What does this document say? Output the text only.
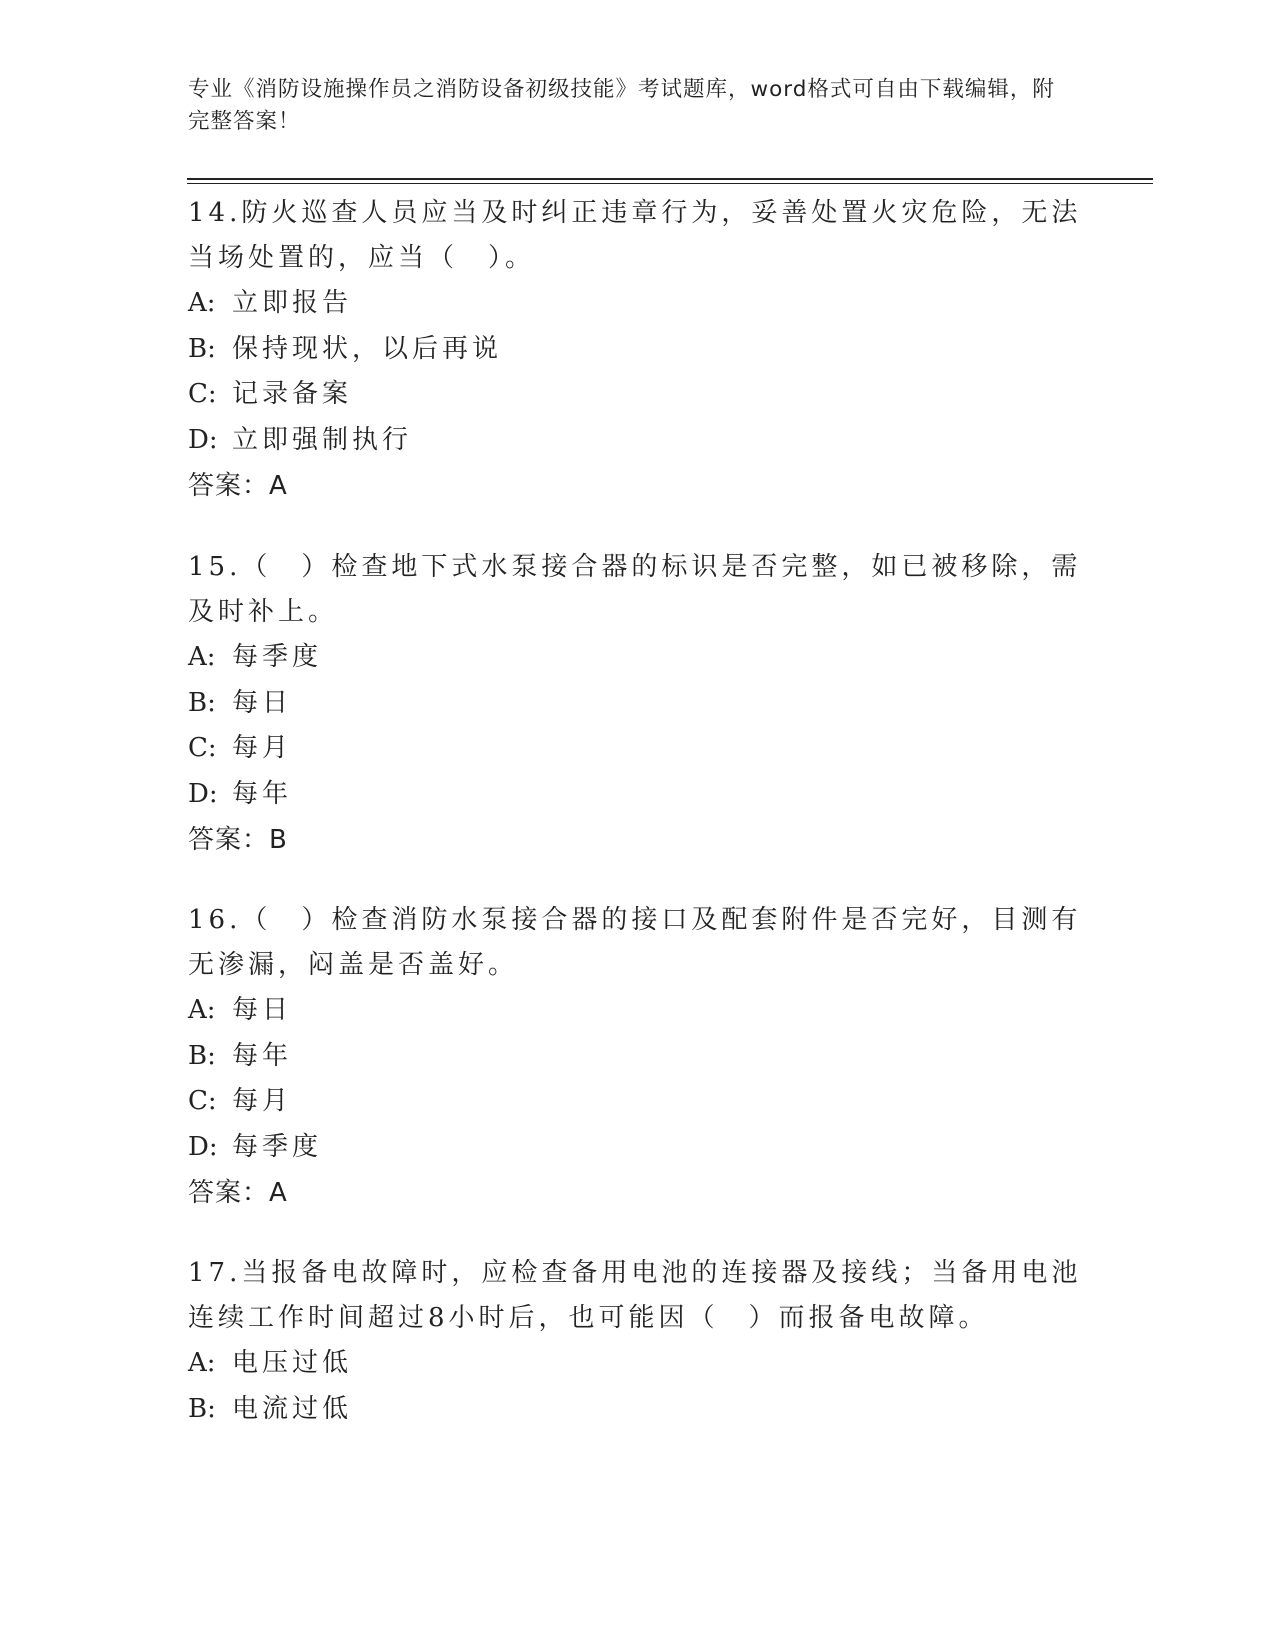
专业《消防设施操作员之消防设备初级技能》考试题库，word格式可自由下载编辑，附完整答案！

14.防火巡查人员应当及时纠正违章行为，妥善处置火灾危险，无法当场处置的，应当（　）。

A: 立即报告

B: 保持现状，以后再说

C: 记录备案

D: 立即强制执行

答案：A

15.（　）检查地下式水泵接合器的标识是否完整，如已被移除，需及时补上。

A: 每季度

B: 每日

C: 每月

D: 每年

答案：B

16.（　）检查消防水泵接合器的接口及配套附件是否完好，目测有无渗漏，闷盖是否盖好。

A: 每日

B: 每年

C: 每月

D: 每季度

答案：A

17.当报备电故障时，应检查备用电池的连接器及接线；当备用电池连续工作时间超过8小时后，也可能因（　）而报备电故障。

A: 电压过低

B: 电流过低
